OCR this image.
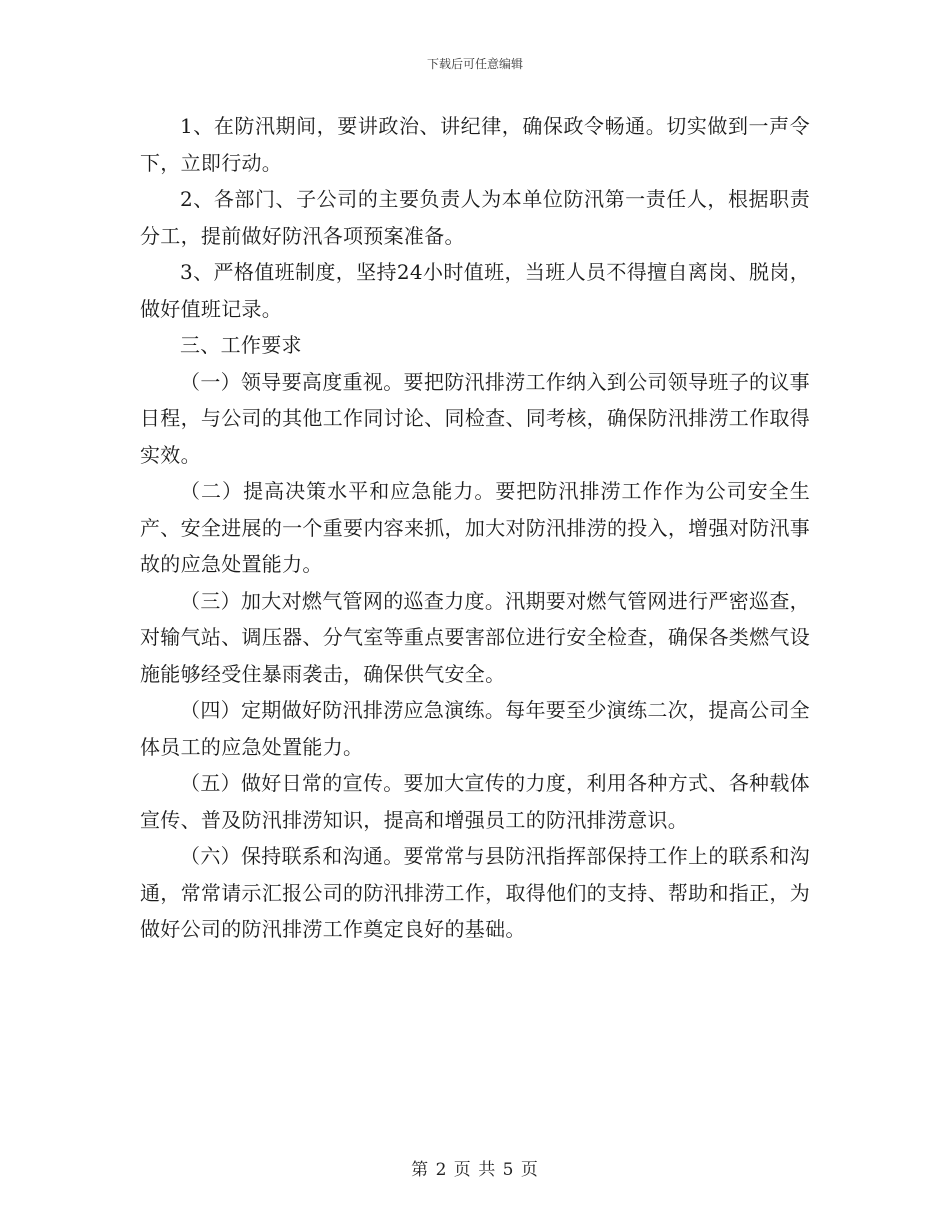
下载后可任意编辑

1、在防汛期间，要讲政治、讲纪律，确保政令畅通。切实做到一声令下，立即行动。

2、各部门、子公司的主要负责人为本单位防汛第一责任人，根据职责分工，提前做好防汛各项预案准备。

3、严格值班制度，坚持24小时值班，当班人员不得擅自离岗、脱岗，做好值班记录。

三、工作要求

（一）领导要高度重视。要把防汛排涝工作纳入到公司领导班子的议事日程，与公司的其他工作同讨论、同检查、同考核，确保防汛排涝工作取得实效。

（二）提高决策水平和应急能力。要把防汛排涝工作作为公司安全生产、安全进展的一个重要内容来抓，加大对防汛排涝的投入，增强对防汛事故的应急处置能力。

（三）加大对燃气管网的巡查力度。汛期要对燃气管网进行严密巡查，对输气站、调压器、分气室等重点要害部位进行安全检查，确保各类燃气设施能够经受住暴雨袭击，确保供气安全。

（四）定期做好防汛排涝应急演练。每年要至少演练二次，提高公司全体员工的应急处置能力。

（五）做好日常的宣传。要加大宣传的力度，利用各种方式、各种载体宣传、普及防汛排涝知识，提高和增强员工的防汛排涝意识。

（六）保持联系和沟通。要常常与县防汛指挥部保持工作上的联系和沟通，常常请示汇报公司的防汛排涝工作，取得他们的支持、帮助和指正，为做好公司的防汛排涝工作奠定良好的基础。

第 2 页 共 5 页
